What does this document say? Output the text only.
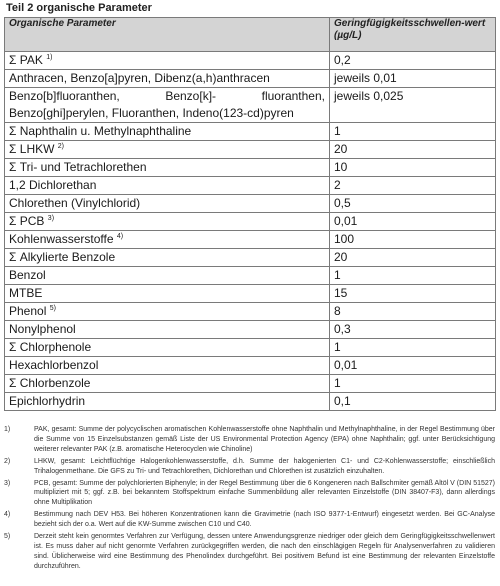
Teil 2 organische Parameter
Organische Parameter	Geringfügigkeitsschwellen-wert (µg/L)
Σ PAK $^{1)}$	0,2
Anthracen, Benzo[a]pyren, Dibenz(a,h)anthracen	jeweils 0,01
Benzo[b]fluoranthen, Benzo[k]- fluoranthen, Benzo[ghi]perylen, Fluoranthen, Indeno(123-cd)pyren	jeweils 0,025
Σ Naphthalin u. Methylnaphthaline	1
Σ LHKW $^{2)}$	20
Σ Tri- und Tetrachlorethen	10
1,2 Dichlorethan	2
Chlorethen (Vinylchlorid)	0,5
Σ PCB $^{3)}$	0,01
Kohlenwasserstoffe $^{4)}$	100
Σ Alkylierte Benzole	20
Benzol	1
MTBE	15
Phenol $^{5)}$	8
Nonylphenol	0,3
Σ Chlorphenole	1
Hexachlorbenzol	0,01
Σ Chlorbenzole	1
Epichlorhydrin	0,1
1)	PAK, gesamt: Summe der polycyclischen aromatischen Kohlenwasserstoffe ohne Naphthalin und Methylnaphthaline, in der Regel Bestimmung über die Summe von 15 Einzelsubstanzen gemäß Liste der US Environmental Protection Agency (EPA) ohne Naphthalin; ggf. unter Berücksichtigung weiterer relevanter PAK (z.B. aromatische Heterocyclen wie Chinoline)
2)	LHKW, gesamt: Leichtflüchtige Halogenkohlenwasserstoffe, d.h. Summe der halogenierten C1- und C2-Kohlenwasserstoffe; einschließlich Trihalogenmethane. Die GFS zu Tri- und Tetrachlorethen, Dichlorethan und Chlorethen ist zusätzlich einzuhalten.
3)	PCB, gesamt: Summe der polychlorierten Biphenyle; in der Regel Bestimmung über die 6 Kongeneren nach Ballschmiter gemäß Altöl V (DIN 51527) multipliziert mit 5; ggf. z.B. bei bekanntem Stoffspektrum einfache Summenbildung aller relevanten Einzelstoffe (DIN 38407-F3), dann allerdings ohne Multiplikation
4)	Bestimmung nach DEV H53. Bei höheren Konzentrationen kann die Gravimetrie (nach ISO 9377-1-Entwurf) eingesetzt werden. Bei GC-Analyse bezieht sich der o.a. Wert auf die KW-Summe zwischen C10 und C40.
5)	Derzeit steht kein genormtes Verfahren zur Verfügung, dessen untere Anwendungsgrenze niedriger oder gleich dem Geringfügigkeitsschwellenwert ist. Es muss daher auf nicht genormte Verfahren zurückgegriffen werden, die nach den einschlägigen Regeln für Analysenverfahren zu validieren sind. Üblicherweise wird eine Bestimmung des Phenolindex durchgeführt. Bei positivem Befund ist eine Bestimmung der relevanten Einzelstoffe durchzuführen.
